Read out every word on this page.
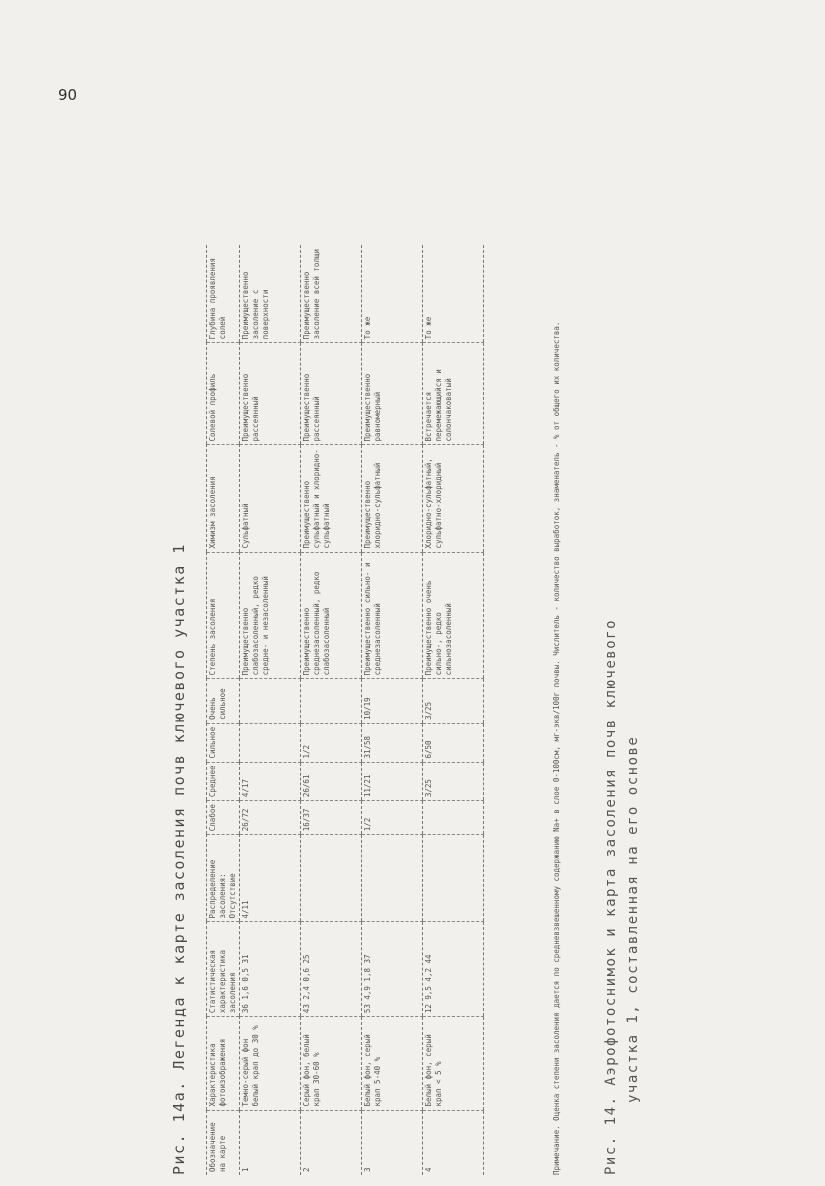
90
Рис. 14а. Легенда к карте засоления почв ключевого участка 1	Обозначение на карте	Характеристика фотоизображения	Статистическая характеристика засоления	Распределение засоления: Отсутствие	Слабое	Среднее	Сильное	Очень сильное	Степень засоления	Химизм засоления	Солевой профиль	Глубина проявления солей
1	Темно-серый фон белый крап до 30 %	36 1,6 0,5 31	4/11	26/72	4/17			Преимущественно слабозасоленный, редко средне- и незасоленный	Сульфатный	Преимущественно рассеянный	Преимущественно засоление с поверхности
2	Серый фон, белый крап 30-60 %	43 2,4 0,6 25		16/37	26/61	1/2		Преимущественно среднезасоленный, редко слабозасоленный	Преимущественно сульфатный и хлоридно-сульфатный	Преимущественно рассеянный	Преимущественно засоление всей толщи
3	Белый фон, серый крап 5-40 %	53 4,9 1,8 37		1/2	11/21	31/58	10/19	Преимущественно сильно- и среднезасоленный	Преимущественно хлоридно-сульфатный	Преимущественно равномерный	То же
4	Белый фон, серый крап < 5 %	12 9,5 4,2 44			3/25	6/50	3/25	Преимущественно очень сильно-, редко сильнозасоленный	Хлоридно-сульфатный, сульфатно-хлоридный	Встречается перемежающийся и солончаковатый	То же	Примечание. Оценка степени засоления дается по средневзвешенному содержанию Na+ в слое 0-100см, мг-экв/100г почвы. Числитель - количество выработок, знаменатель - % от общего их количества.	Рис. 14. Аэрофотоснимок и карта засоления почв ключевого участка 1, составленная на его основе
